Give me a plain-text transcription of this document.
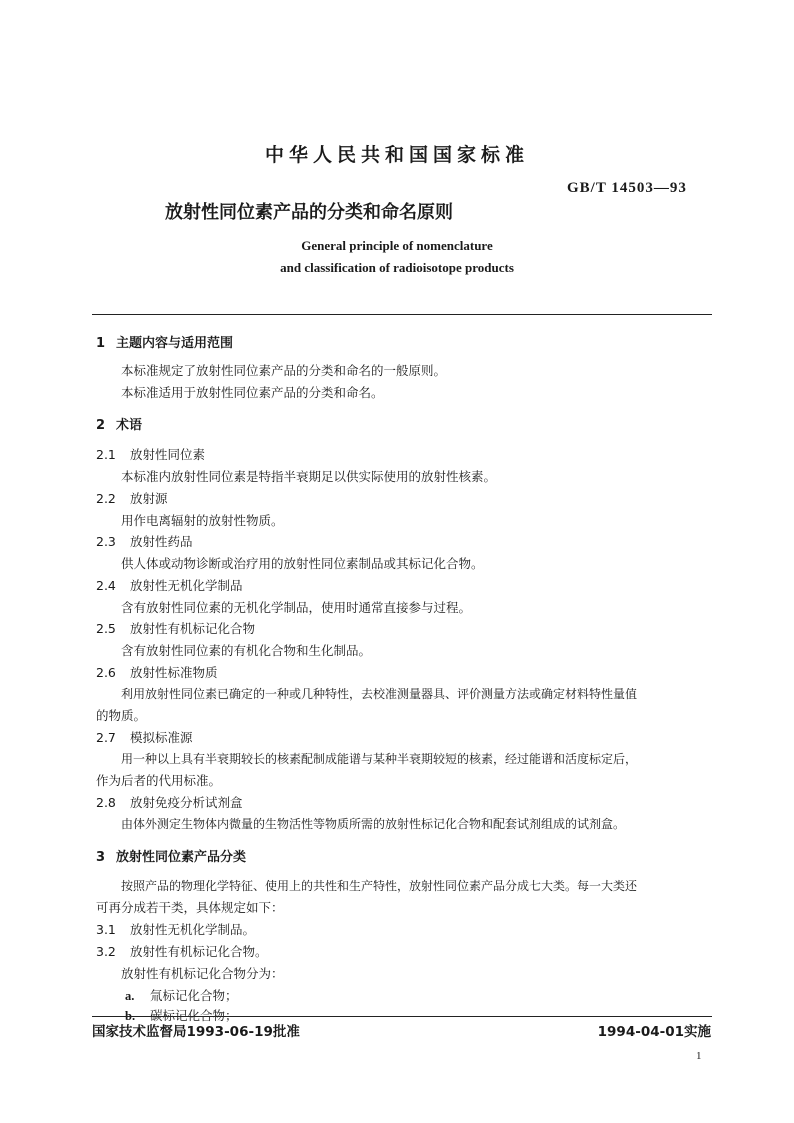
中华人民共和国国家标准
GB/T 14503—93
放射性同位素产品的分类和命名原则
General principle of nomenclature
and classification of radioisotope products
1 主题内容与适用范围
本标准规定了放射性同位素产品的分类和命名的一般原则。
本标准适用于放射性同位素产品的分类和命名。
2 术语
2.1 放射性同位素
本标准内放射性同位素是特指半衰期足以供实际使用的放射性核素。
2.2 放射源
用作电离辐射的放射性物质。
2.3 放射性药品
供人体或动物诊断或治疗用的放射性同位素制品或其标记化合物。
2.4 放射性无机化学制品
含有放射性同位素的无机化学制品，使用时通常直接参与过程。
2.5 放射性有机标记化合物
含有放射性同位素的有机化合物和生化制品。
2.6 放射性标准物质
利用放射性同位素已确定的一种或几种特性，去校准测量器具、评价测量方法或确定材料特性量值
的物质。
2.7 模拟标准源
用一种以上具有半衰期较长的核素配制成能谱与某种半衰期较短的核素，经过能谱和活度标定后，
作为后者的代用标准。
2.8 放射免疫分析试剂盒
由体外测定生物体内微量的生物活性等物质所需的放射性标记化合物和配套试剂组成的试剂盒。
3 放射性同位素产品分类
按照产品的物理化学特征、使用上的共性和生产特性，放射性同位素产品分成七大类。每一大类还
可再分成若干类，具体规定如下：
3.1 放射性无机化学制品。
3.2 放射性有机标记化合物。
放射性有机标记化合物分为：
a. 氚标记化合物；
b. 碳标记化合物；
国家技术监督局1993-06-19批准	1994-04-01实施
1
